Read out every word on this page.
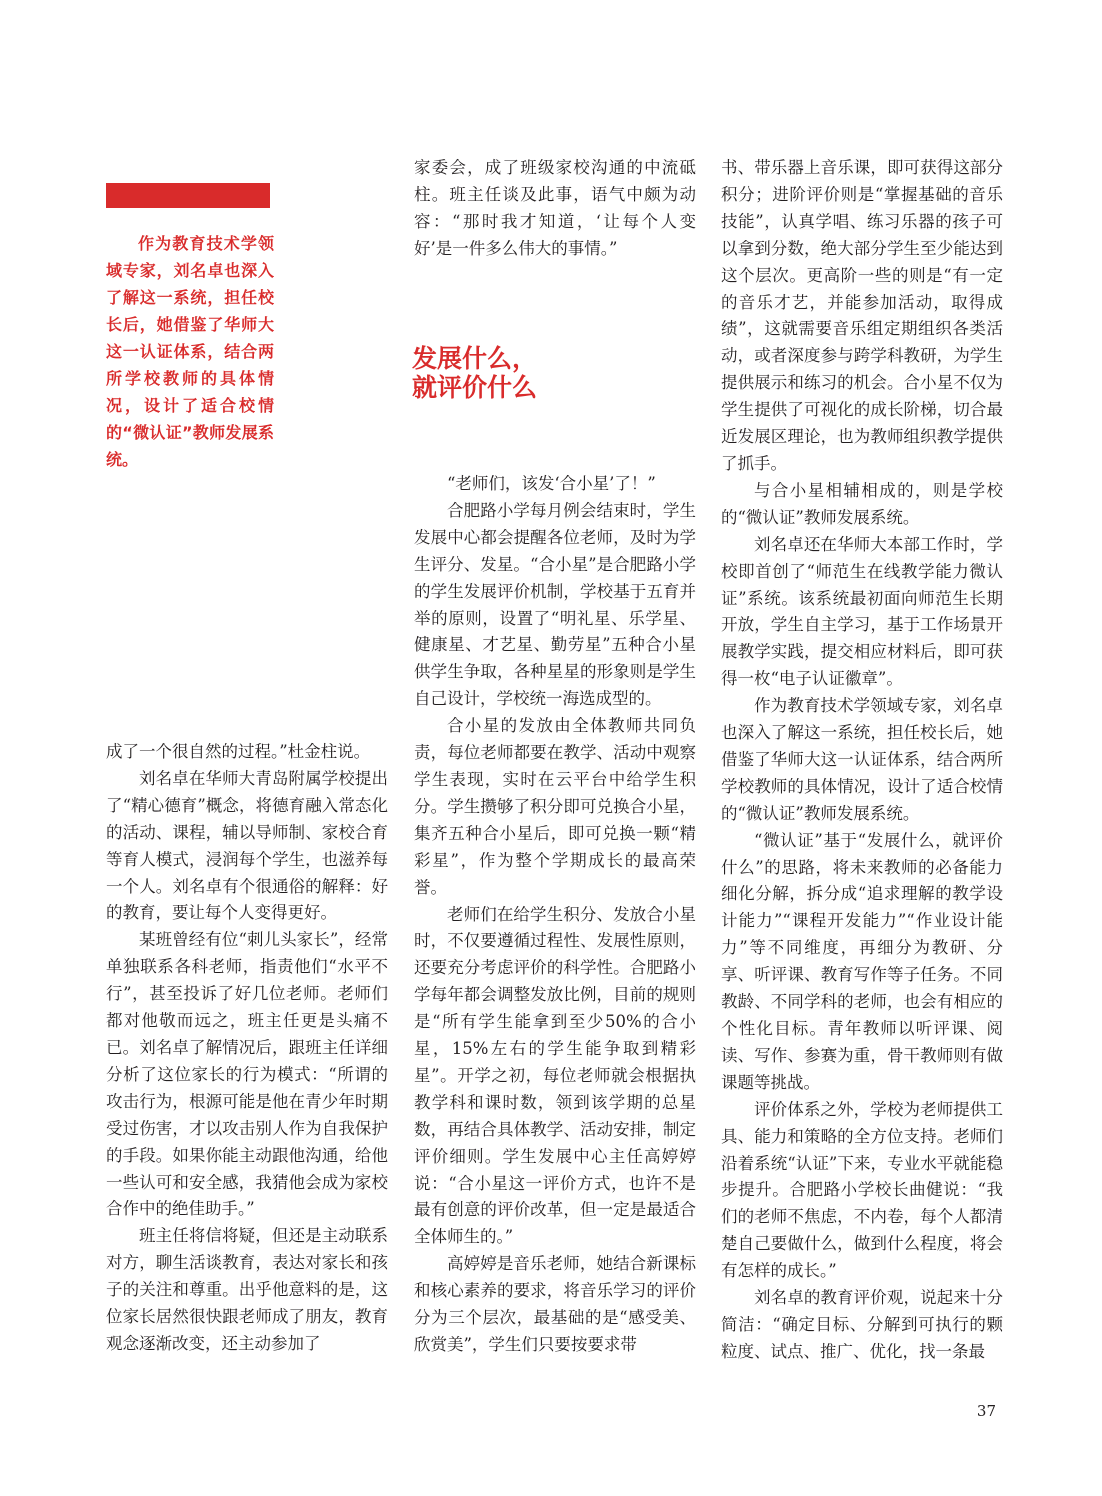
作为教育技术学领域专家，刘名卓也深入了解这一系统，担任校长后，她借鉴了华师大这一认证体系，结合两所学校教师的具体情况，设计了适合校情的“微认证”教师发展系统。

成了一个很自然的过程。”杜金柱说。

刘名卓在华师大青岛附属学校提出了“精心德育”概念，将德育融入常态化的活动、课程，辅以导师制、家校合育等育人模式，浸润每个学生，也滋养每一个人。刘名卓有个很通俗的解释：好的教育，要让每个人变得更好。

某班曾经有位“刺儿头家长”，经常单独联系各科老师，指责他们“水平不行”，甚至投诉了好几位老师。老师们都对他敬而远之，班主任更是头痛不已。刘名卓了解情况后，跟班主任详细分析了这位家长的行为模式：“所谓的攻击行为，根源可能是他在青少年时期受过伤害，才以攻击别人作为自我保护的手段。如果你能主动跟他沟通，给他一些认可和安全感，我猜他会成为家校合作中的绝佳助手。”

班主任将信将疑，但还是主动联系对方，聊生活谈教育，表达对家长和孩子的关注和尊重。出乎他意料的是，这位家长居然很快跟老师成了朋友，教育观念逐渐改变，还主动参加了

家委会，成了班级家校沟通的中流砥柱。班主任谈及此事，语气中颇为动容：“那时我才知道，‘让每个人变好’是一件多么伟大的事情。”

发展什么，
就评价什么

“老师们，该发‘合小星’了！”

合肥路小学每月例会结束时，学生发展中心都会提醒各位老师，及时为学生评分、发星。“合小星”是合肥路小学的学生发展评价机制，学校基于五育并举的原则，设置了“明礼星、乐学星、健康星、才艺星、勤劳星”五种合小星供学生争取，各种星星的形象则是学生自己设计，学校统一海选成型的。

合小星的发放由全体教师共同负责，每位老师都要在教学、活动中观察学生表现，实时在云平台中给学生积分。学生攒够了积分即可兑换合小星，集齐五种合小星后，即可兑换一颗“精彩星”，作为整个学期成长的最高荣誉。

老师们在给学生积分、发放合小星时，不仅要遵循过程性、发展性原则，还要充分考虑评价的科学性。合肥路小学每年都会调整发放比例，目前的规则是“所有学生能拿到至少50%的合小星，15%左右的学生能争取到精彩星”。开学之初，每位老师就会根据执教学科和课时数，领到该学期的总星数，再结合具体教学、活动安排，制定评价细则。学生发展中心主任高婷婷说：“合小星这一评价方式，也许不是最有创意的评价改革，但一定是最适合全体师生的。”

高婷婷是音乐老师，她结合新课标和核心素养的要求，将音乐学习的评价分为三个层次，最基础的是“感受美、欣赏美”，学生们只要按要求带

书、带乐器上音乐课，即可获得这部分积分；进阶评价则是“掌握基础的音乐技能”，认真学唱、练习乐器的孩子可以拿到分数，绝大部分学生至少能达到这个层次。更高阶一些的则是“有一定的音乐才艺，并能参加活动，取得成绩”，这就需要音乐组定期组织各类活动，或者深度参与跨学科教研，为学生提供展示和练习的机会。合小星不仅为学生提供了可视化的成长阶梯，切合最近发展区理论，也为教师组织教学提供了抓手。

与合小星相辅相成的，则是学校的“微认证”教师发展系统。

刘名卓还在华师大本部工作时，学校即首创了“师范生在线教学能力微认证”系统。该系统最初面向师范生长期开放，学生自主学习，基于工作场景开展教学实践，提交相应材料后，即可获得一枚“电子认证徽章”。

作为教育技术学领域专家，刘名卓也深入了解这一系统，担任校长后，她借鉴了华师大这一认证体系，结合两所学校教师的具体情况，设计了适合校情的“微认证”教师发展系统。

“微认证”基于“发展什么，就评价什么”的思路，将未来教师的必备能力细化分解，拆分成“追求理解的教学设计能力”“课程开发能力”“作业设计能力”等不同维度，再细分为教研、分享、听评课、教育写作等子任务。不同教龄、不同学科的老师，也会有相应的个性化目标。青年教师以听评课、阅读、写作、参赛为重，骨干教师则有做课题等挑战。

评价体系之外，学校为老师提供工具、能力和策略的全方位支持。老师们沿着系统“认证”下来，专业水平就能稳步提升。合肥路小学校长曲健说：“我们的老师不焦虑，不内卷，每个人都清楚自己要做什么，做到什么程度，将会有怎样的成长。”

刘名卓的教育评价观，说起来十分简洁：“确定目标、分解到可执行的颗粒度、试点、推广、优化，找一条最

37
